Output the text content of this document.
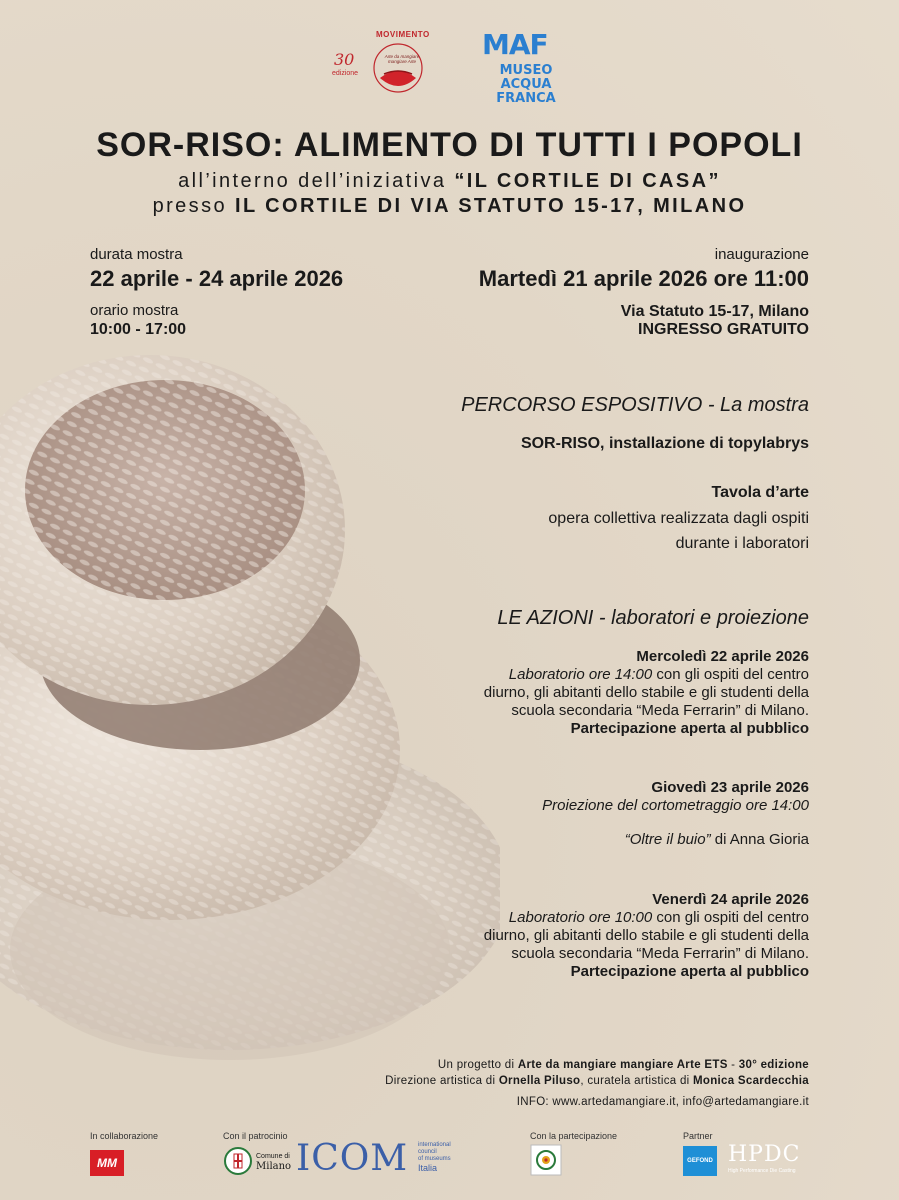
30
edizione
MOVIMENTO
Arte da mangiare mangiare Arte
MAF
MUSEO
ACQUA FRANCA
SOR-RISO: ALIMENTO DI TUTTI I POPOLI
all’interno dell’iniziativa “IL CORTILE DI CASA”
presso IL CORTILE DI VIA STATUTO 15-17, MILANO
durata mostra
22 aprile - 24 aprile 2026
orario mostra
10:00 - 17:00
inaugurazione
Martedì 21 aprile 2026 ore 11:00
Via Statuto 15-17, Milano
INGRESSO GRATUITO
PERCORSO ESPOSITIVO - La mostra
SOR-RISO, installazione di topylabrys
Tavola d’arte
opera collettiva realizzata dagli ospiti
durante i laboratori
LE AZIONI - laboratori e proiezione
Mercoledì 22 aprile 2026
Laboratorio ore 14:00 con gli ospiti del centro
diurno, gli abitanti dello stabile e gli studenti della
scuola secondaria “Meda Ferrarin” di Milano.
Partecipazione aperta al pubblico
Giovedì 23 aprile 2026
Proiezione del cortometraggio ore 14:00
“Oltre il buio” di Anna Gioria
Venerdì 24 aprile 2026
Laboratorio ore 10:00 con gli ospiti del centro
diurno, gli abitanti dello stabile e gli studenti della
scuola secondaria “Meda Ferrarin” di Milano.
Partecipazione aperta al pubblico
Un progetto di Arte da mangiare mangiare Arte ETS - 30° edizione
Direzione artistica di Ornella Piluso, curatela artistica di Monica Scardecchia
INFO: www.artedamangiare.it, info@artedamangiare.it
In collaborazione
MM
Con il patrocinio
Comune di
Milano ICOM international
council
of museums
Italia
Con la partecipazione	Partner
GEFOND HPDC
High Performance Die Casting
